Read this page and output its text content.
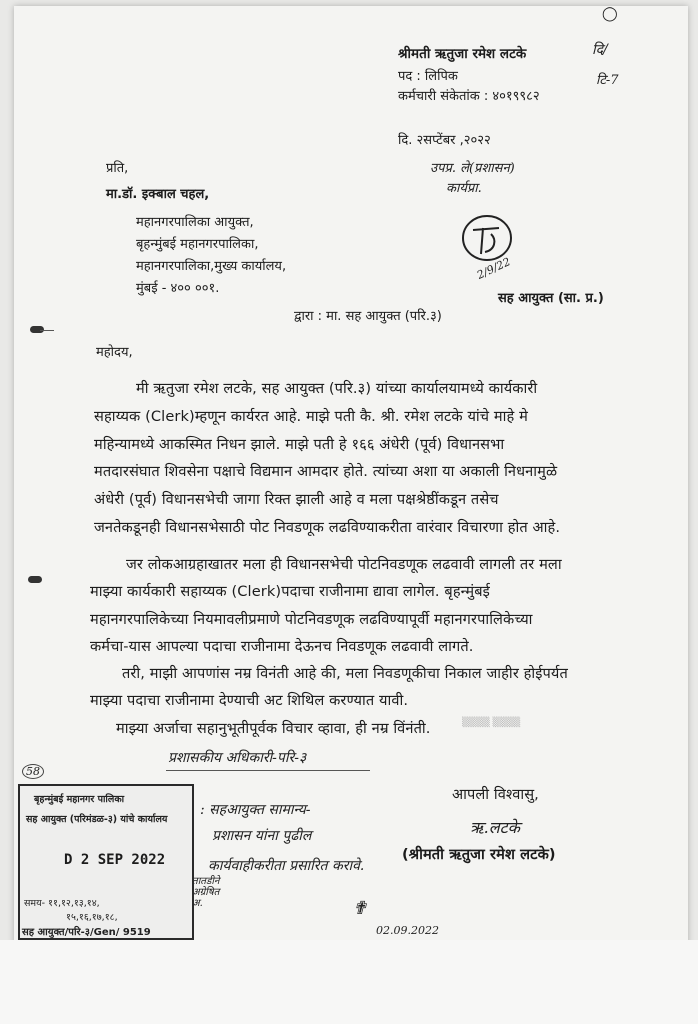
◯
दि/
टि-7
श्रीमती ऋतुजा रमेश लटके
पद : लिपिक
कर्मचारी संकेतांक : ४०१९९८२
दि. २सप्टेंबर ,२०२२
उपप्र. ले(प्रशासन)
कार्यप्रा.
2/9/22
सह आयुक्त (सा. प्र.)
प्रति,
मा.डॉ. इक्बाल चहल,
महानगरपालिका आयुक्त,
बृहन्मुंबई महानगरपालिका,
महानगरपालिका,मुख्य कार्यालय,
मुंबई - ४०० ००१.
द्वारा : मा. सह आयुक्त (परि.३)
महोदय,
मी ऋतुजा रमेश लटके, सह आयुक्त (परि.३) यांच्या कार्यालयामध्ये कार्यकारी
सहाय्यक (Clerk)म्हणून कार्यरत आहे. माझे पती कै. श्री. रमेश लटके यांचे माहे मे
महिन्यामध्ये आकस्मित निधन झाले. माझे पती हे १६६ अंधेरी (पूर्व) विधानसभा
मतदारसंघात शिवसेना पक्षाचे विद्यमान आमदार होते. त्यांच्या अशा या अकाली निधनामुळे
अंधेरी (पूर्व) विधानसभेची जागा रिक्त झाली आहे व मला पक्षश्रेष्ठींकडून तसेच
जनतेकडूनही विधानसभेसाठी पोट निवडणूक लढविण्याकरीता वारंवार विचारणा होत आहे.
जर लोकआग्रहाखातर मला ही विधानसभेची पोटनिवडणूक लढवावी लागली तर मला
माझ्या कार्यकारी सहाय्यक (Clerk)पदाचा राजीनामा द्यावा लागेल. बृहन्मुंबई
महानगरपालिकेच्या नियमावलीप्रमाणे पोटनिवडणूक लढविण्यापूर्वी महानगरपालिकेच्या
कर्मचा-यास आपल्या पदाचा राजीनामा देऊनच निवडणूक लढवावी लागते.
तरी, माझी आपणांस नम्र विनंती आहे की, मला निवडणूकीचा निकाल जाहीर होईपर्यत
माझ्या पदाचा राजीनामा देण्याची अट शिथिल करण्यात यावी.
माझ्या अर्जाचा सहानुभूतीपूर्वक विचार व्हावा, ही नम्र विंनंती.	▒▒▒▒ ▒▒▒▒
आपली विश्वासु,
ऋ.लटके
(श्रीमती ऋतुजा रमेश लटके)
प्रशासकीय अधिकारी-परि-३
: सहआयुक्त सामान्य-
प्रशासन यांना पुढील
कार्यवाहीकरीता प्रसारित करावे.
तातडीने अग्रेषित अ.	✟
02.09.2022
58
बृहन्मुंबई महानगर पालिका
सह आयुक्त (परिमंडळ-३) यांचे कार्यालय
D 2 SEP 2022
समय- ११,१२,१३,१४,
१५,१६,१७,१८,
सह आयुक्त/परि-३/Gen/ 9519
